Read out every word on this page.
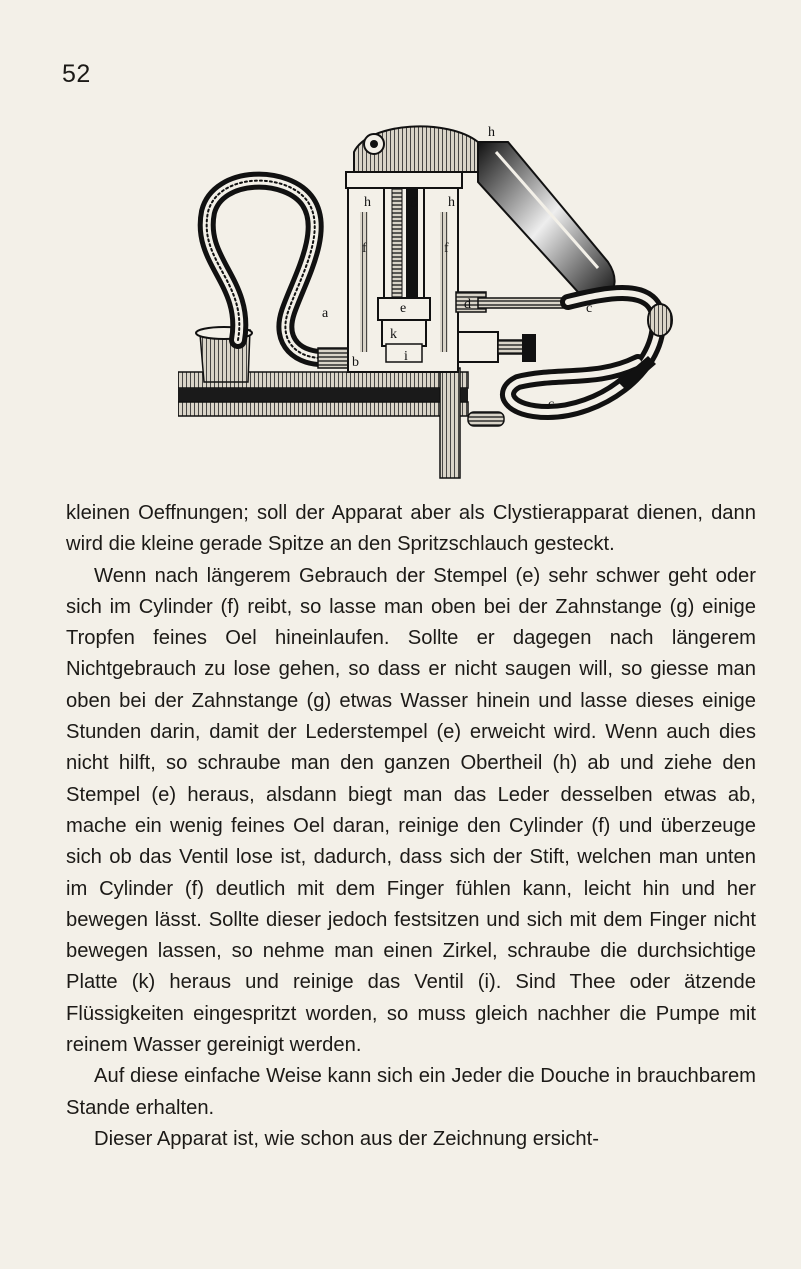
52
h
h	h
g
f	f
a	e
k
i
b
d	c
c

kleinen Oeffnungen; soll der Apparat aber als Clystierapparat dienen, dann wird die kleine gerade Spitze an den Spritzschlauch gesteckt.

Wenn nach längerem Gebrauch der Stempel (e) sehr schwer geht oder sich im Cylinder (f) reibt, so lasse man oben bei der Zahnstange (g) einige Tropfen feines Oel hineinlaufen. Sollte er dagegen nach längerem Nichtgebrauch zu lose gehen, so dass er nicht saugen will, so giesse man oben bei der Zahnstange (g) etwas Wasser hinein und lasse dieses einige Stunden darin, damit der Lederstempel (e) erweicht wird. Wenn auch dies nicht hilft, so schraube man den ganzen Obertheil (h) ab und ziehe den Stempel (e) heraus, alsdann biegt man das Leder desselben etwas ab, mache ein wenig feines Oel daran, reinige den Cylinder (f) und überzeuge sich ob das Ventil lose ist, dadurch, dass sich der Stift, welchen man unten im Cylinder (f) deutlich mit dem Finger fühlen kann, leicht hin und her bewegen lässt. Sollte dieser jedoch festsitzen und sich mit dem Finger nicht bewegen lassen, so nehme man einen Zirkel, schraube die durchsichtige Platte (k) heraus und reinige das Ventil (i). Sind Thee oder ätzende Flüssigkeiten eingespritzt worden, so muss gleich nachher die Pumpe mit reinem Wasser gereinigt werden.

Auf diese einfache Weise kann sich ein Jeder die Douche in brauchbarem Stande erhalten.

Dieser Apparat ist, wie schon aus der Zeichnung ersicht-
